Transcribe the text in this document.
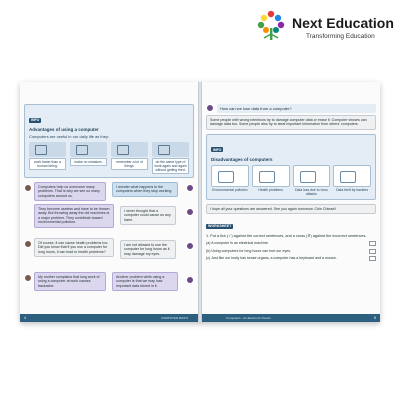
Next Education
Transforming Education
INFO
Advantages of using a computer
Computers are useful in our daily life as they:
work faster than a human being.
make no mistakes.	remember a lot of things.
do the same type of work again and again without getting tired.
Computers help us overcome many problems. That is why we see so many computers around us.
I wonder what happens to the computers when they stop working.
They become useless and have to be thrown away. But throwing away the old machines is a major problem. They contribute toward environmental pollution.
I never thought that a computer could cause us any harm.
Of course, it can cause health problems too. Did you know that if you use a computer for long hours, it can lead to health problems?
I am not allowed to use the computer for long hours as it may damage my eyes.
My mother complains that long work of using a computer at work causes backache.
Another problem while using a computer is that we may lose important data stored in it.
4	COMPUTER MASTI
How can we lose data from a computer?
Some people with wrong intentions try to damage computer data or erase it. Computer viruses can damage data too. Some people also try to steal important information from others' computers.
INFO
Disadvantages of computers
Environmental pollution	Health problems	Data loss due to virus attacks
Data theft by hackers
I hope all your questions are answered. See you again tomorrow. Chin Chinani!
WORKSHEET
1. Put a tick (✓) against the correct sentences, and a cross (✗) against the incorrect sentences.
(a) A computer is an electrical machine.
(b) Using computers for long hours can hurt our eyes.
(c) Just like our body has sense organs, a computer has a keyboard and a mouse.
Computers - An Electronic Device	5
